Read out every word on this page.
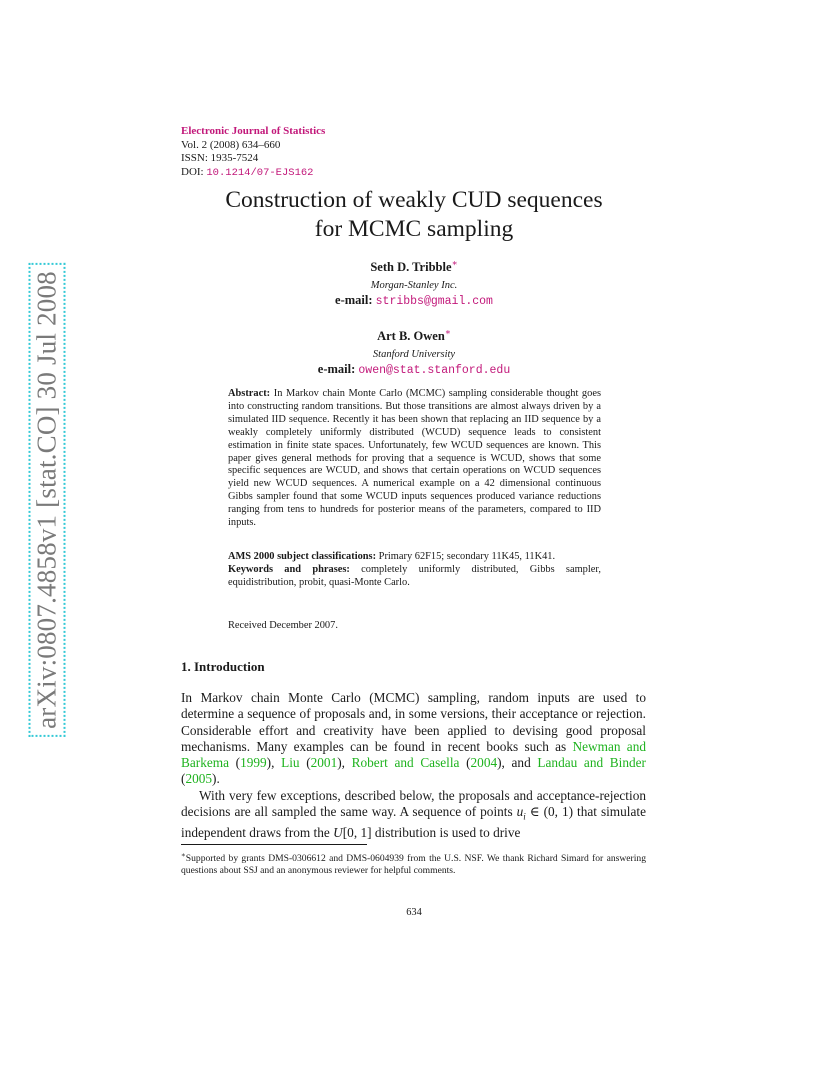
arXiv:0807.4858v1 [stat.CO] 30 Jul 2008
Electronic Journal of Statistics
Vol. 2 (2008) 634–660
ISSN: 1935-7524
DOI: 10.1214/07-EJS162
Construction of weakly CUD sequences
for MCMC sampling
Seth D. Tribble∗
Morgan-Stanley Inc.
e-mail: stribbs@gmail.com
Art B. Owen∗
Stanford University
e-mail: owen@stat.stanford.edu
Abstract: In Markov chain Monte Carlo (MCMC) sampling considerable thought goes into constructing random transitions. But those transitions are almost always driven by a simulated IID sequence. Recently it has been shown that replacing an IID sequence by a weakly completely uniformly distributed (WCUD) sequence leads to consistent estimation in finite state spaces. Unfortunately, few WCUD sequences are known. This paper gives general methods for proving that a sequence is WCUD, shows that some specific sequences are WCUD, and shows that certain operations on WCUD sequences yield new WCUD sequences. A numerical example on a 42 dimensional continuous Gibbs sampler found that some WCUD inputs sequences produced variance reductions ranging from tens to hundreds for posterior means of the parameters, compared to IID inputs.
AMS 2000 subject classifications: Primary 62F15; secondary 11K45, 11K41.
Keywords and phrases: completely uniformly distributed, Gibbs sampler, equidistribution, probit, quasi-Monte Carlo.
Received December 2007.
1. Introduction

In Markov chain Monte Carlo (MCMC) sampling, random inputs are used to determine a sequence of proposals and, in some versions, their acceptance or rejection. Considerable effort and creativity have been applied to devising good proposal mechanisms. Many examples can be found in recent books such as Newman and Barkema (1999), Liu (2001), Robert and Casella (2004), and Landau and Binder (2005).

With very few exceptions, described below, the proposals and acceptance-rejection decisions are all sampled the same way. A sequence of points $u_i$ ∈ (0, 1) that simulate independent draws from the U[0, 1] distribution is used to drive

∗Supported by grants DMS-0306612 and DMS-0604939 from the U.S. NSF. We thank Richard Simard for answering questions about SSJ and an anonymous reviewer for helpful comments.
634
